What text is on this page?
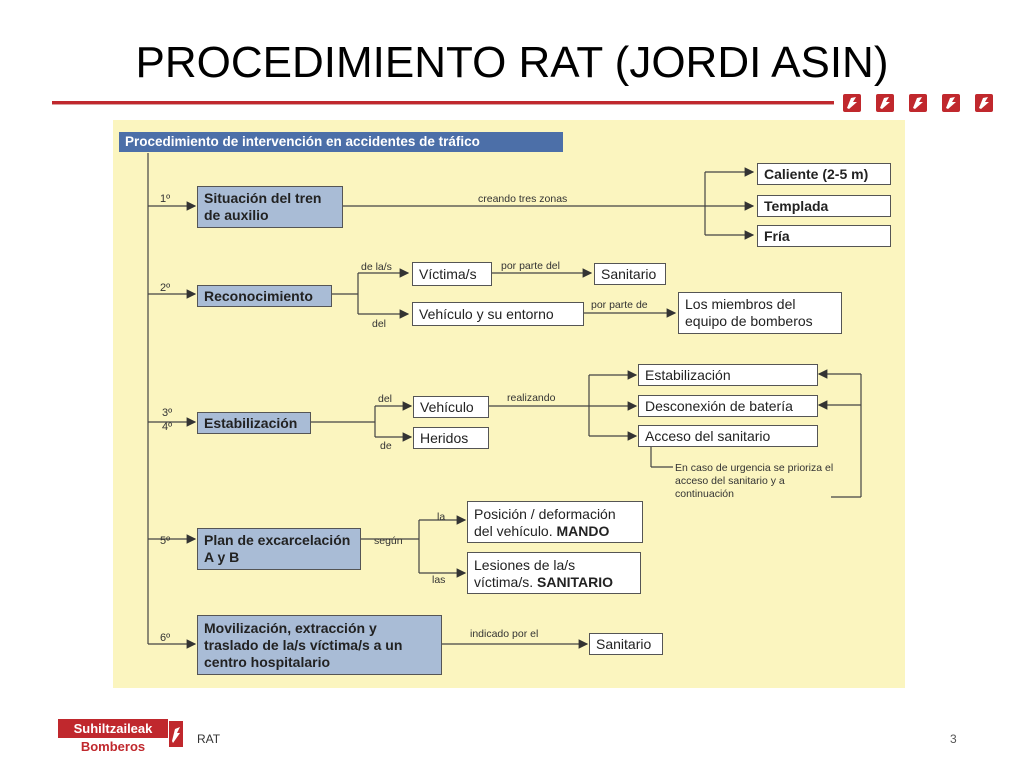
PROCEDIMIENTO RAT (JORDI ASIN)
Procedimiento de intervención en accidentes de tráfico
1º
2º
3º
4º
5º
6º
Situación del tren de auxilio
creando tres zonas
Caliente (2-5 m)
Templada
Fría
Reconocimiento
de la/s	Víctima/s	por parte del	Sanitario
del
Vehículo y su entorno
por parte de	Los miembros del equipo de bomberos
Estabilización
del	Vehículo
de
Heridos
realizando
Estabilización
Desconexión de batería
Acceso del sanitario
En caso de urgencia se prioriza el acceso del sanitario y a continuación
Plan de excarcelación A y B
según
la	Posición / deformación del vehículo. MANDO
las
Lesiones de la/s víctima/s. SANITARIO
Movilización, extracción y traslado de la/s víctima/s a un centro hospitalario
indicado por el
Sanitario
Suhiltzaileak
Bomberos	RAT	3
